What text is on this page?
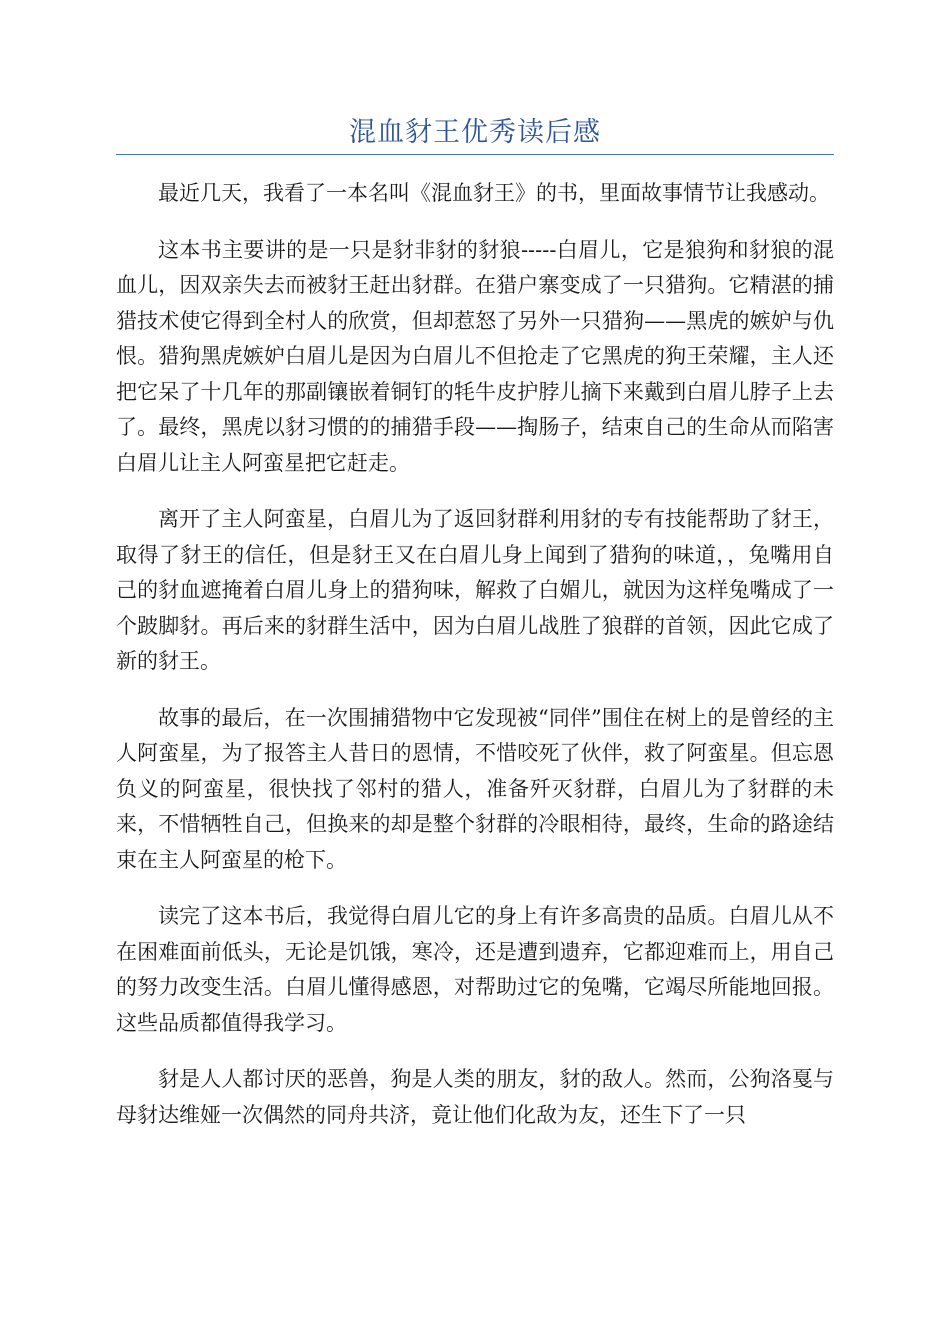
混血豺王优秀读后感

最近几天，我看了一本名叫《混血豺王》的书，里面故事情节让我感动。

这本书主要讲的是一只是豺非豺的豺狼-----白眉儿，它是狼狗和豺狼的混血儿，因双亲失去而被豺王赶出豺群。在猎户寨变成了一只猎狗。它精湛的捕猎技术使它得到全村人的欣赏，但却惹怒了另外一只猎狗——黑虎的嫉妒与仇恨。猎狗黑虎嫉妒白眉儿是因为白眉儿不但抢走了它黑虎的狗王荣耀，主人还把它呆了十几年的那副镶嵌着铜钉的牦牛皮护脖儿摘下来戴到白眉儿脖子上去了。最终，黑虎以豺习惯的的捕猎手段——掏肠子，结束自己的生命从而陷害白眉儿让主人阿蛮星把它赶走。

离开了主人阿蛮星，白眉儿为了返回豺群利用豺的专有技能帮助了豺王，取得了豺王的信任，但是豺王又在白眉儿身上闻到了猎狗的味道，，兔嘴用自己的豺血遮掩着白眉儿身上的猎狗味，解救了白媚儿，就因为这样兔嘴成了一个跛脚豺。再后来的豺群生活中，因为白眉儿战胜了狼群的首领，因此它成了新的豺王。

故事的最后，在一次围捕猎物中它发现被“同伴”围住在树上的是曾经的主人阿蛮星，为了报答主人昔日的恩情，不惜咬死了伙伴，救了阿蛮星。但忘恩负义的阿蛮星，很快找了邻村的猎人，准备歼灭豺群，白眉儿为了豺群的未来，不惜牺牲自己，但换来的却是整个豺群的冷眼相待，最终，生命的路途结束在主人阿蛮星的枪下。

读完了这本书后，我觉得白眉儿它的身上有许多高贵的品质。白眉儿从不在困难面前低头，无论是饥饿，寒冷，还是遭到遗弃，它都迎难而上，用自己的努力改变生活。白眉儿懂得感恩，对帮助过它的兔嘴，它竭尽所能地回报。这些品质都值得我学习。

豺是人人都讨厌的恶兽，狗是人类的朋友，豺的敌人。然而，公狗洛戛与母豺达维娅一次偶然的同舟共济，竟让他们化敌为友，还生下了一只
